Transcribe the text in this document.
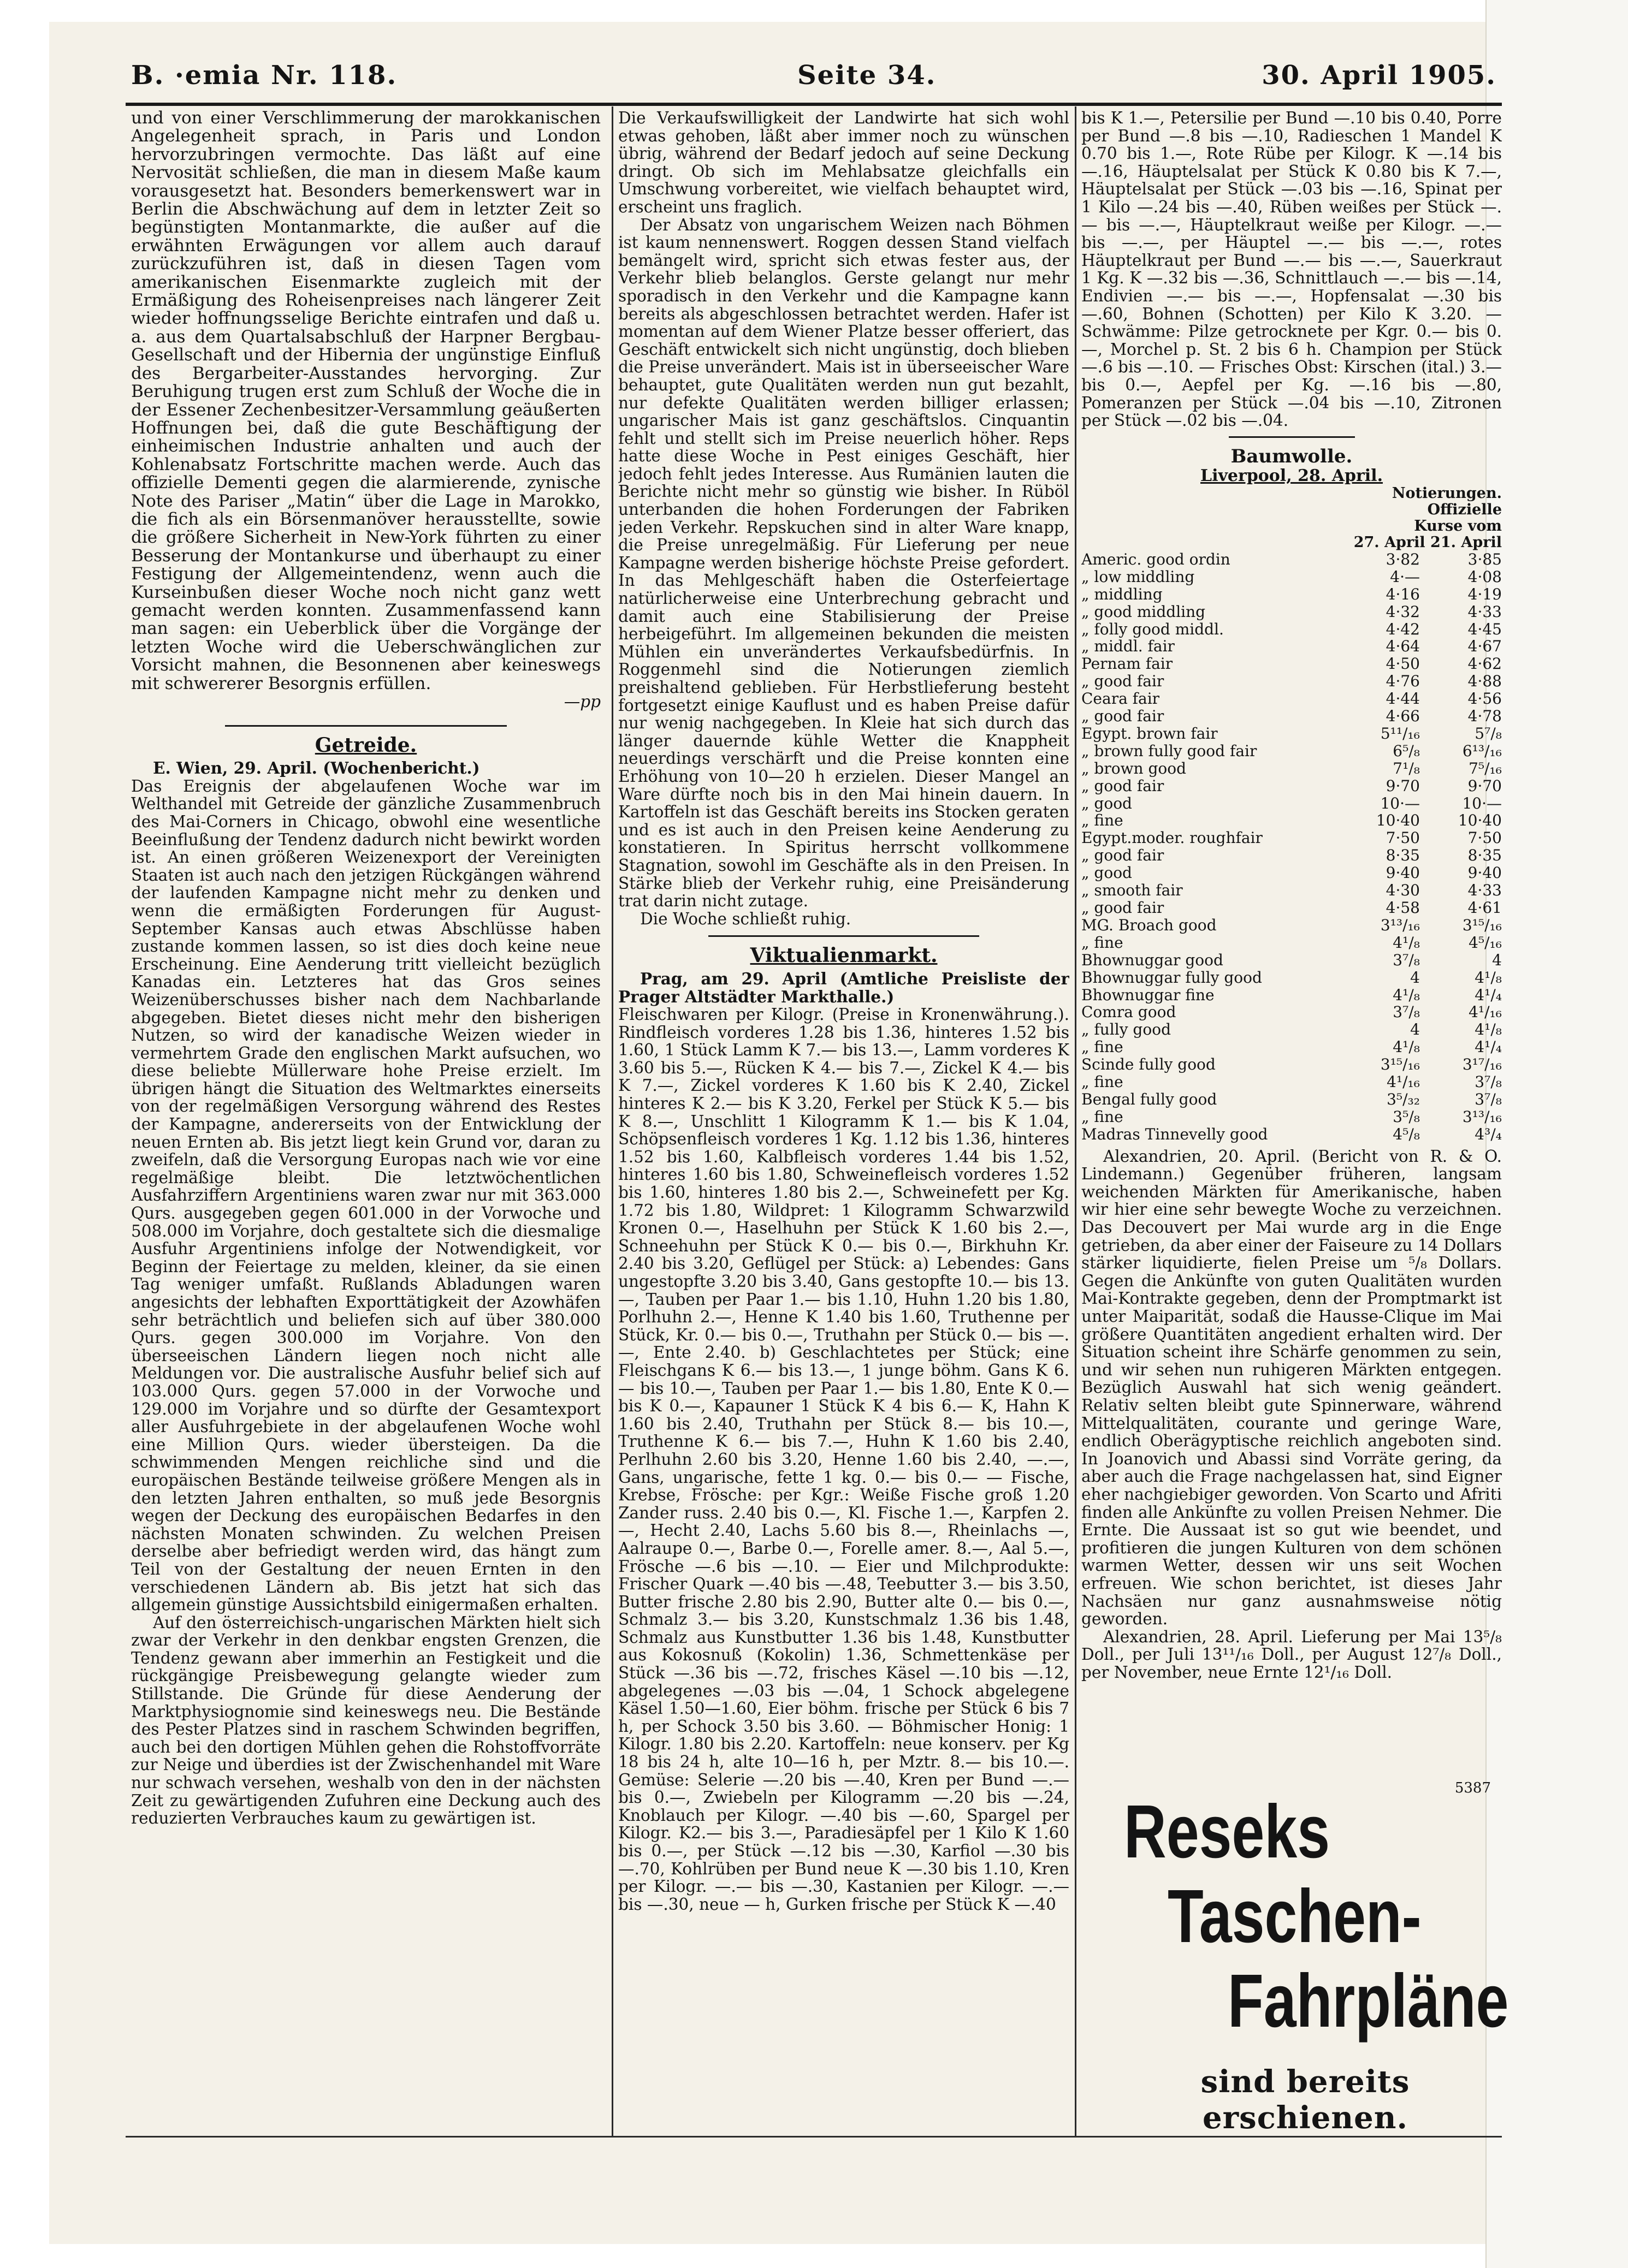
B. ·emia Nr. 118.	Seite 34.	30. April 1905.

und von einer Verschlimmerung der marokkanischen Angelegenheit sprach, in Paris und London hervorzubringen vermochte. Das läßt auf eine Nervosität schließen, die man in diesem Maße kaum vorausgesetzt hat. Besonders bemerkenswert war in Berlin die Abschwächung auf dem in letzter Zeit so begünstigten Montanmarkte, die außer auf die erwähnten Erwägungen vor allem auch darauf zurückzuführen ist, daß in diesen Tagen vom amerikanischen Eisenmarkte zugleich mit der Ermäßigung des Roheisenpreises nach längerer Zeit wieder hoffnungsselige Berichte eintrafen und daß u. a. aus dem Quartalsabschluß der Harpner Bergbau-Gesellschaft und der Hibernia der ungünstige Einfluß des Bergarbeiter-Ausstandes hervorging. Zur Beruhigung trugen erst zum Schluß der Woche die in der Essener Zechenbesitzer-Versammlung geäußerten Hoffnungen bei, daß die gute Beschäftigung der einheimischen Industrie anhalten und auch der Kohlenabsatz Fortschritte machen werde. Auch das offizielle Dementi gegen die alarmierende, zynische Note des Pariser „Matin“ über die Lage in Marokko, die fich als ein Börsenmanöver herausstellte, sowie die größere Sicherheit in New-York führten zu einer Besserung der Montankurse und überhaupt zu einer Festigung der Allgemeintendenz, wenn auch die Kurseinbußen dieser Woche noch nicht ganz wett gemacht werden konnten. Zusammenfassend kann man sagen: ein Ueberblick über die Vorgänge der letzten Woche wird die Ueberschwänglichen zur Vorsicht mahnen, die Besonnenen aber keineswegs mit schwererer Besorgnis erfüllen.

—pp
Getreide.

E. Wien, 29. April. (Wochenbericht.)

Das Ereignis der abgelaufenen Woche war im Welthandel mit Getreide der gänzliche Zusammenbruch des Mai-Corners in Chicago, obwohl eine wesentliche Beeinflußung der Tendenz dadurch nicht bewirkt worden ist. An einen größeren Weizenexport der Vereinigten Staaten ist auch nach den jetzigen Rückgängen während der laufenden Kampagne nicht mehr zu denken und wenn die ermäßigten Forderungen für August-September Kansas auch etwas Abschlüsse haben zustande kommen lassen, so ist dies doch keine neue Erscheinung. Eine Aenderung tritt vielleicht bezüglich Kanadas ein. Letzteres hat das Gros seines Weizenüberschusses bisher nach dem Nachbarlande abgegeben. Bietet dieses nicht mehr den bisherigen Nutzen, so wird der kanadische Weizen wieder in vermehrtem Grade den englischen Markt aufsuchen, wo diese beliebte Müllerware hohe Preise erzielt. Im übrigen hängt die Situation des Weltmarktes einerseits von der regelmäßigen Versorgung während des Restes der Kampagne, andererseits von der Entwicklung der neuen Ernten ab. Bis jetzt liegt kein Grund vor, daran zu zweifeln, daß die Versorgung Europas nach wie vor eine regelmäßige bleibt. Die letztwöchentlichen Ausfahrziffern Argentiniens waren zwar nur mit 363.000 Qurs. ausgegeben gegen 601.000 in der Vorwoche und 508.000 im Vorjahre, doch gestaltete sich die diesmalige Ausfuhr Argentiniens infolge der Notwendigkeit, vor Beginn der Feiertage zu melden, kleiner, da sie einen Tag weniger umfaßt. Rußlands Abladungen waren angesichts der lebhaften Exporttätigkeit der Azowhäfen sehr beträchtlich und beliefen sich auf über 380.000 Qurs. gegen 300.000 im Vorjahre. Von den überseeischen Ländern liegen noch nicht alle Meldungen vor. Die australische Ausfuhr belief sich auf 103.000 Qurs. gegen 57.000 in der Vorwoche und 129.000 im Vorjahre und so dürfte der Gesamtexport aller Ausfuhrgebiete in der abgelaufenen Woche wohl eine Million Qurs. wieder übersteigen. Da die schwimmenden Mengen reichliche sind und die europäischen Bestände teilweise größere Mengen als in den letzten Jahren enthalten, so muß jede Besorgnis wegen der Deckung des europäischen Bedarfes in den nächsten Monaten schwinden. Zu welchen Preisen derselbe aber befriedigt werden wird, das hängt zum Teil von der Gestaltung der neuen Ernten in den verschiedenen Ländern ab. Bis jetzt hat sich das allgemein günstige Aussichtsbild einigermaßen erhalten.

Auf den österreichisch-ungarischen Märkten hielt sich zwar der Verkehr in den denkbar engsten Grenzen, die Tendenz gewann aber immerhin an Festigkeit und die rückgängige Preisbewegung gelangte wieder zum Stillstande. Die Gründe für diese Aenderung der Marktphysiognomie sind keineswegs neu. Die Bestände des Pester Platzes sind in raschem Schwinden begriffen, auch bei den dortigen Mühlen gehen die Rohstoffvorräte zur Neige und überdies ist der Zwischenhandel mit Ware nur schwach versehen, weshalb von den in der nächsten Zeit zu gewärtigenden Zufuhren eine Deckung auch des reduzierten Verbrauches kaum zu gewärtigen ist.

Die Verkaufswilligkeit der Landwirte hat sich wohl etwas gehoben, läßt aber immer noch zu wünschen übrig, während der Bedarf jedoch auf seine Deckung dringt. Ob sich im Mehlabsatze gleichfalls ein Umschwung vorbereitet, wie vielfach behauptet wird, erscheint uns fraglich.

Der Absatz von ungarischem Weizen nach Böhmen ist kaum nennenswert. Roggen dessen Stand vielfach bemängelt wird, spricht sich etwas fester aus, der Verkehr blieb belanglos. Gerste gelangt nur mehr sporadisch in den Verkehr und die Kampagne kann bereits als abgeschlossen betrachtet werden. Hafer ist momentan auf dem Wiener Platze besser offeriert, das Geschäft entwickelt sich nicht ungünstig, doch blieben die Preise unverändert. Mais ist in überseeischer Ware behauptet, gute Qualitäten werden nun gut bezahlt, nur defekte Qualitäten werden billiger erlassen; ungarischer Mais ist ganz geschäftslos. Cinquantin fehlt und stellt sich im Preise neuerlich höher. Reps hatte diese Woche in Pest einiges Geschäft, hier jedoch fehlt jedes Interesse. Aus Rumänien lauten die Berichte nicht mehr so günstig wie bisher. In Rüböl unterbanden die hohen Forderungen der Fabriken jeden Verkehr. Repskuchen sind in alter Ware knapp, die Preise unregelmäßig. Für Lieferung per neue Kampagne werden bisherige höchste Preise gefordert. In das Mehlgeschäft haben die Osterfeiertage natürlicherweise eine Unterbrechung gebracht und damit auch eine Stabilisierung der Preise herbeigeführt. Im allgemeinen bekunden die meisten Mühlen ein unverändertes Verkaufsbedürfnis. In Roggenmehl sind die Notierungen ziemlich preishaltend geblieben. Für Herbstlieferung besteht fortgesetzt einige Kauflust und es haben Preise dafür nur wenig nachgegeben. In Kleie hat sich durch das länger dauernde kühle Wetter die Knappheit neuerdings verschärft und die Preise konnten eine Erhöhung von 10—20 h erzielen. Dieser Mangel an Ware dürfte noch bis in den Mai hinein dauern. In Kartoffeln ist das Geschäft bereits ins Stocken geraten und es ist auch in den Preisen keine Aenderung zu konstatieren. In Spiritus herrscht vollkommene Stagnation, sowohl im Geschäfte als in den Preisen. In Stärke blieb der Verkehr ruhig, eine Preisänderung trat darin nicht zutage.

Die Woche schließt ruhig.

Viktualienmarkt.

Prag, am 29. April (Amtliche Preisliste der Prager Altstädter Markthalle.)

Fleischwaren per Kilogr. (Preise in Kronenwährung.). Rindfleisch vorderes 1.28 bis 1.36, hinteres 1.52 bis 1.60, 1 Stück Lamm K 7.— bis 13.—, Lamm vorderes K 3.60 bis 5.—, Rücken K 4.— bis 7.—, Zickel K 4.— bis K 7.—, Zickel vorderes K 1.60 bis K 2.40, Zickel hinteres K 2.— bis K 3.20, Ferkel per Stück K 5.— bis K 8.—, Unschlitt 1 Kilogramm K 1.— bis K 1.04, Schöpsenfleisch vorderes 1 Kg. 1.12 bis 1.36, hinteres 1.52 bis 1.60, Kalbfleisch vorderes 1.44 bis 1.52, hinteres 1.60 bis 1.80, Schweinefleisch vorderes 1.52 bis 1.60, hinteres 1.80 bis 2.—, Schweinefett per Kg. 1.72 bis 1.80, Wildpret: 1 Kilogramm Schwarzwild Kronen 0.—, Haselhuhn per Stück K 1.60 bis 2.—, Schneehuhn per Stück K 0.— bis 0.—, Birkhuhn Kr. 2.40 bis 3.20, Geflügel per Stück: a) Lebendes: Gans ungestopfte 3.20 bis 3.40, Gans gestopfte 10.— bis 13.—, Tauben per Paar 1.— bis 1.10, Huhn 1.20 bis 1.80, Porlhuhn 2.—, Henne K 1.40 bis 1.60, Truthenne per Stück, Kr. 0.— bis 0.—, Truthahn per Stück 0.— bis —.—, Ente 2.40. b) Geschlachtetes per Stück; eine Fleischgans K 6.— bis 13.—, 1 junge böhm. Gans K 6.— bis 10.—, Tauben per Paar 1.— bis 1.80, Ente K 0.— bis K 0.—, Kapauner 1 Stück K 4 bis 6.— K, Hahn K 1.60 bis 2.40, Truthahn per Stück 8.— bis 10.—, Truthenne K 6.— bis 7.—, Huhn K 1.60 bis 2.40, Perlhuhn 2.60 bis 3.20, Henne 1.60 bis 2.40, —.—, Gans, ungarische, fette 1 kg. 0.— bis 0.— — Fische, Krebse, Frösche: per Kgr.: Weiße Fische groß 1.20 Zander russ. 2.40 bis 0.—, Kl. Fische 1.—, Karpfen 2.—, Hecht 2.40, Lachs 5.60 bis 8.—, Rheinlachs —, Aalraupe 0.—, Barbe 0.—, Forelle amer. 8.—, Aal 5.—, Frösche —.6 bis —.10. — Eier und Milchprodukte: Frischer Quark —.40 bis —.48, Teebutter 3.— bis 3.50, Butter frische 2.80 bis 2.90, Butter alte 0.— bis 0.—, Schmalz 3.— bis 3.20, Kunstschmalz 1.36 bis 1.48, Schmalz aus Kunstbutter 1.36 bis 1.48, Kunstbutter aus Kokosnuß (Kokolin) 1.36, Schmettenkäse per Stück —.36 bis —.72, frisches Käsel —.10 bis —.12, abgelegenes —.03 bis —.04, 1 Schock abgelegene Käsel 1.50—1.60, Eier böhm. frische per Stück 6 bis 7 h, per Schock 3.50 bis 3.60. — Böhmischer Honig: 1 Kilogr. 1.80 bis 2.20. Kartoffeln: neue konserv. per Kg 18 bis 24 h, alte 10—16 h, per Mztr. 8.— bis 10.—. Gemüse: Selerie —.20 bis —.40, Kren per Bund —.— bis 0.—, Zwiebeln per Kilogramm —.20 bis —.24, Knoblauch per Kilogr. —.40 bis —.60, Spargel per Kilogr. K2.— bis 3.—, Paradiesäpfel per 1 Kilo K 1.60 bis 0.—, per Stück —.12 bis —.30, Karfiol —.30 bis —.70, Kohlrüben per Bund neue K —.30 bis 1.10, Kren per Kilogr. —.— bis —.30, Kastanien per Kilogr. —.— bis —.30, neue — h, Gurken frische per Stück K —.40

bis K 1.—, Petersilie per Bund —.10 bis 0.40, Porre per Bund —.8 bis —.10, Radieschen 1 Mandel K 0.70 bis 1.—, Rote Rübe per Kilogr. K —.14 bis —.16, Häuptelsalat per Stück K 0.80 bis K 7.—, Häuptelsalat per Stück —.03 bis —.16, Spinat per 1 Kilo —.24 bis —.40, Rüben weißes per Stück —.— bis —.—, Häuptelkraut weiße per Kilogr. —.— bis —.—, per Häuptel —.— bis —.—, rotes Häuptelkraut per Bund —.— bis —.—, Sauerkraut 1 Kg. K —.32 bis —.36, Schnittlauch —.— bis —.14, Endivien —.— bis —.—, Hopfensalat —.30 bis —.60, Bohnen (Schotten) per Kilo K 3.20. — Schwämme: Pilze getrocknete per Kgr. 0.— bis 0.—, Morchel p. St. 2 bis 6 h. Champion per Stück —.6 bis —.10. — Frisches Obst: Kirschen (ital.) 3.— bis 0.—, Aepfel per Kg. —.16 bis —.80, Pomeranzen per Stück —.04 bis —.10, Zitronen per Stück —.02 bis —.04.

Baumwolle.
Liverpool, 28. April.
Notierungen.
Offizielle
Kurse vom
27. April 21. April
Americ. good ordin	3·82	3·85
„ low middling	4·—	4·08
„ middling	4·16	4·19
„ good middling	4·32	4·33
„ folly good middl.	4·42	4·45
„ middl. fair	4·64	4·67
Pernam fair	4·50	4·62
„ good fair	4·76	4·88
Ceara fair	4·44	4·56
„ good fair	4·66	4·78
Egypt. brown fair	5¹¹/₁₆	5⁷/₈
„ brown fully good fair	6⁵/₈	6¹³/₁₆
„ brown good	7¹/₈	7⁵/₁₆
„ good fair	9·70	9·70
„ good	10·—	10·—
„ fine	10·40	10·40
Egypt.moder. roughfair	7·50	7·50
„ good fair	8·35	8·35
„ good	9·40	9·40
„ smooth fair	4·30	4·33
„ good fair	4·58	4·61
MG. Broach good	3¹³/₁₆	3¹⁵/₁₆
„ fine	4¹/₈	4⁵/₁₆
Bhownuggar good	3⁷/₈	4
Bhownuggar fully good	4	4¹/₈
Bhownuggar fine	4¹/₈	4¹/₄
Comra good	3⁷/₈	4¹/₁₆
„ fully good	4	4¹/₈
„ fine	4¹/₈	4¹/₄
Scinde fully good	3¹⁵/₁₆	3¹⁷/₁₆
„ fine	4¹/₁₆	3⁷/₈
Bengal fully good	3⁵/₃₂	3⁷/₈
„ fine	3⁵/₈	3¹³/₁₆
Madras Tinnevelly good	4⁵/₈	4³/₄

Alexandrien, 20. April. (Bericht von R. & O. Lindemann.) Gegenüber früheren, langsam weichenden Märkten für Amerikanische, haben wir hier eine sehr bewegte Woche zu verzeichnen. Das Decouvert per Mai wurde arg in die Enge getrieben, da aber einer der Faiseure zu 14 Dollars stärker liquidierte, fielen Preise um ⁵/₈ Dollars. Gegen die Ankünfte von guten Qualitäten wurden Mai-Kontrakte gegeben, denn der Promptmarkt ist unter Maiparität, sodaß die Hausse-Clique im Mai größere Quantitäten angedient erhalten wird. Der Situation scheint ihre Schärfe genommen zu sein, und wir sehen nun ruhigeren Märkten entgegen. Bezüglich Auswahl hat sich wenig geändert. Relativ selten bleibt gute Spinnerware, während Mittelqualitäten, courante und geringe Ware, endlich Oberägyptische reichlich angeboten sind. In Joanovich und Abassi sind Vorräte gering, da aber auch die Frage nachgelassen hat, sind Eigner eher nachgiebiger geworden. Von Scarto und Afriti finden alle Ankünfte zu vollen Preisen Nehmer. Die Ernte. Die Aussaat ist so gut wie beendet, und profitieren die jungen Kulturen von dem schönen warmen Wetter, dessen wir uns seit Wochen erfreuen. Wie schon berichtet, ist dieses Jahr Nachsäen nur ganz ausnahmsweise nötig geworden.

Alexandrien, 28. April. Lieferung per Mai 13⁵/₈ Doll., per Juli 13¹¹/₁₆ Doll., per August 12⁷/₈ Doll., per November, neue Ernte 12¹/₁₆ Doll.

5387
Reseks
Taschen-
Fahrpläne
sind bereits erschienen.
